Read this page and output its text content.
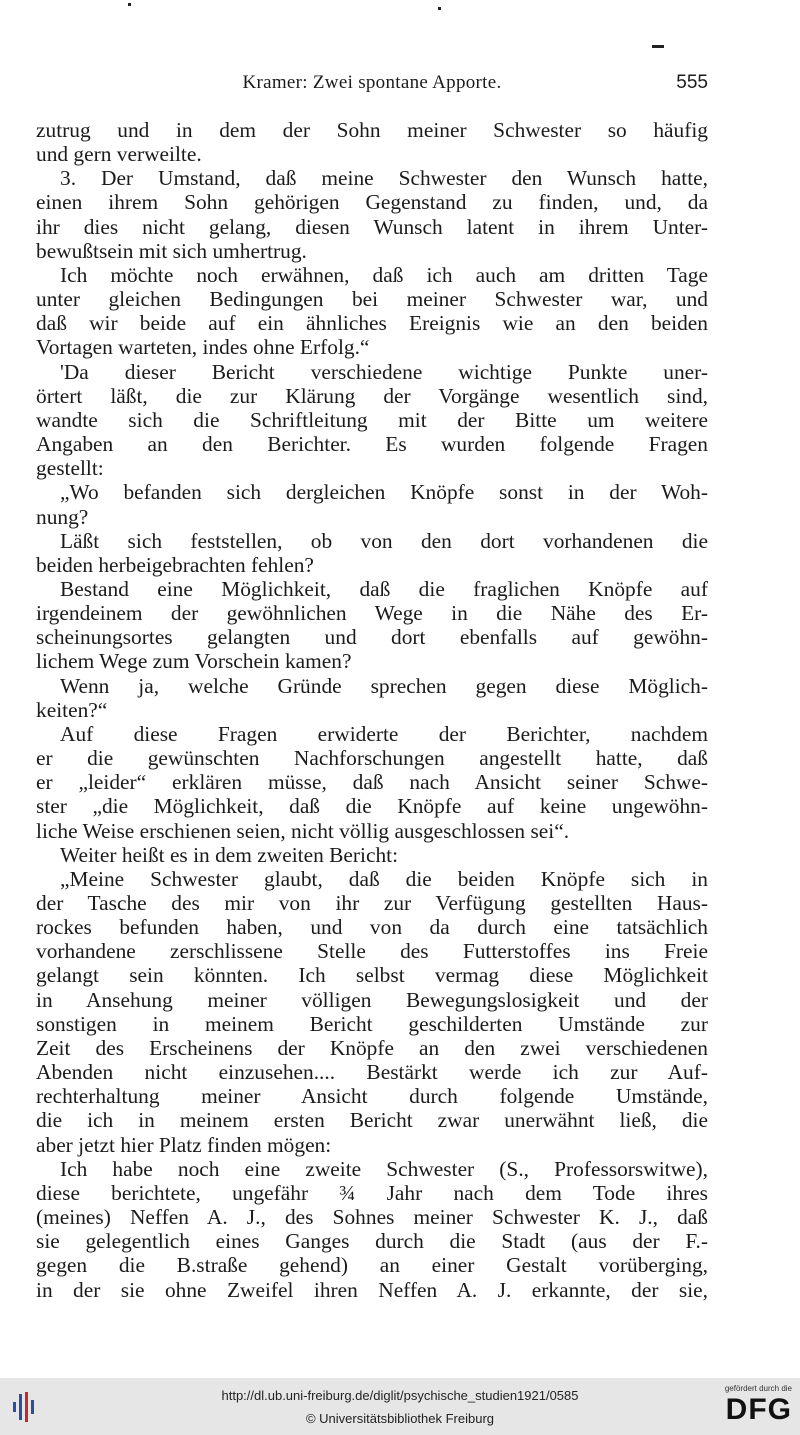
Kramer: Zwei spontane Apporte.	555
zutrug und in dem der Sohn meiner Schwester so häufig
und gern verweilte.
3. Der Umstand, daß meine Schwester den Wunsch hatte,
einen ihrem Sohn gehörigen Gegenstand zu finden, und, da
ihr dies nicht gelang, diesen Wunsch latent in ihrem Unter-
bewußtsein mit sich umhertrug.
Ich möchte noch erwähnen, daß ich auch am dritten Tage
unter gleichen Bedingungen bei meiner Schwester war, und
daß wir beide auf ein ähnliches Ereignis wie an den beiden
Vortagen warteten, indes ohne Erfolg.“
'Da dieser Bericht verschiedene wichtige Punkte uner-
örtert läßt, die zur Klärung der Vorgänge wesentlich sind,
wandte sich die Schriftleitung mit der Bitte um weitere
Angaben an den Berichter. Es wurden folgende Fragen
gestellt:
„Wo befanden sich dergleichen Knöpfe sonst in der Woh-
nung?
Läßt sich feststellen, ob von den dort vorhandenen die
beiden herbeigebrachten fehlen?
Bestand eine Möglichkeit, daß die fraglichen Knöpfe auf
irgendeinem der gewöhnlichen Wege in die Nähe des Er-
scheinungsortes gelangten und dort ebenfalls auf gewöhn-
lichem Wege zum Vorschein kamen?
Wenn ja, welche Gründe sprechen gegen diese Möglich-
keiten?“
Auf diese Fragen erwiderte der Berichter, nachdem
er die gewünschten Nachforschungen angestellt hatte, daß
er „leider“ erklären müsse, daß nach Ansicht seiner Schwe-
ster „die Möglichkeit, daß die Knöpfe auf keine ungewöhn-
liche Weise erschienen seien, nicht völlig ausgeschlossen sei“.
Weiter heißt es in dem zweiten Bericht:
„Meine Schwester glaubt, daß die beiden Knöpfe sich in
der Tasche des mir von ihr zur Verfügung gestellten Haus-
rockes befunden haben, und von da durch eine tatsächlich
vorhandene zerschlissene Stelle des Futterstoffes ins Freie
gelangt sein könnten. Ich selbst vermag diese Möglichkeit
in Ansehung meiner völligen Bewegungslosigkeit und der
sonstigen in meinem Bericht geschilderten Umstände zur
Zeit des Erscheinens der Knöpfe an den zwei verschiedenen
Abenden nicht einzusehen.... Bestärkt werde ich zur Auf-
rechterhaltung meiner Ansicht durch folgende Umstände,
die ich in meinem ersten Bericht zwar unerwähnt ließ, die
aber jetzt hier Platz finden mögen:
Ich habe noch eine zweite Schwester (S., Professorswitwe),
diese berichtete, ungefähr ¾ Jahr nach dem Tode ihres
(meines) Neffen A. J., des Sohnes meiner Schwester K. J., daß
sie gelegentlich eines Ganges durch die Stadt (aus der F.-
gegen die B.straße gehend) an einer Gestalt vorüberging,
in der sie ohne Zweifel ihren Neffen A. J. erkannte, der sie,
http://dl.ub.uni-freiburg.de/diglit/psychische_studien1921/0585
© Universitätsbibliothek Freiburg
gefördert durch die
DFG
